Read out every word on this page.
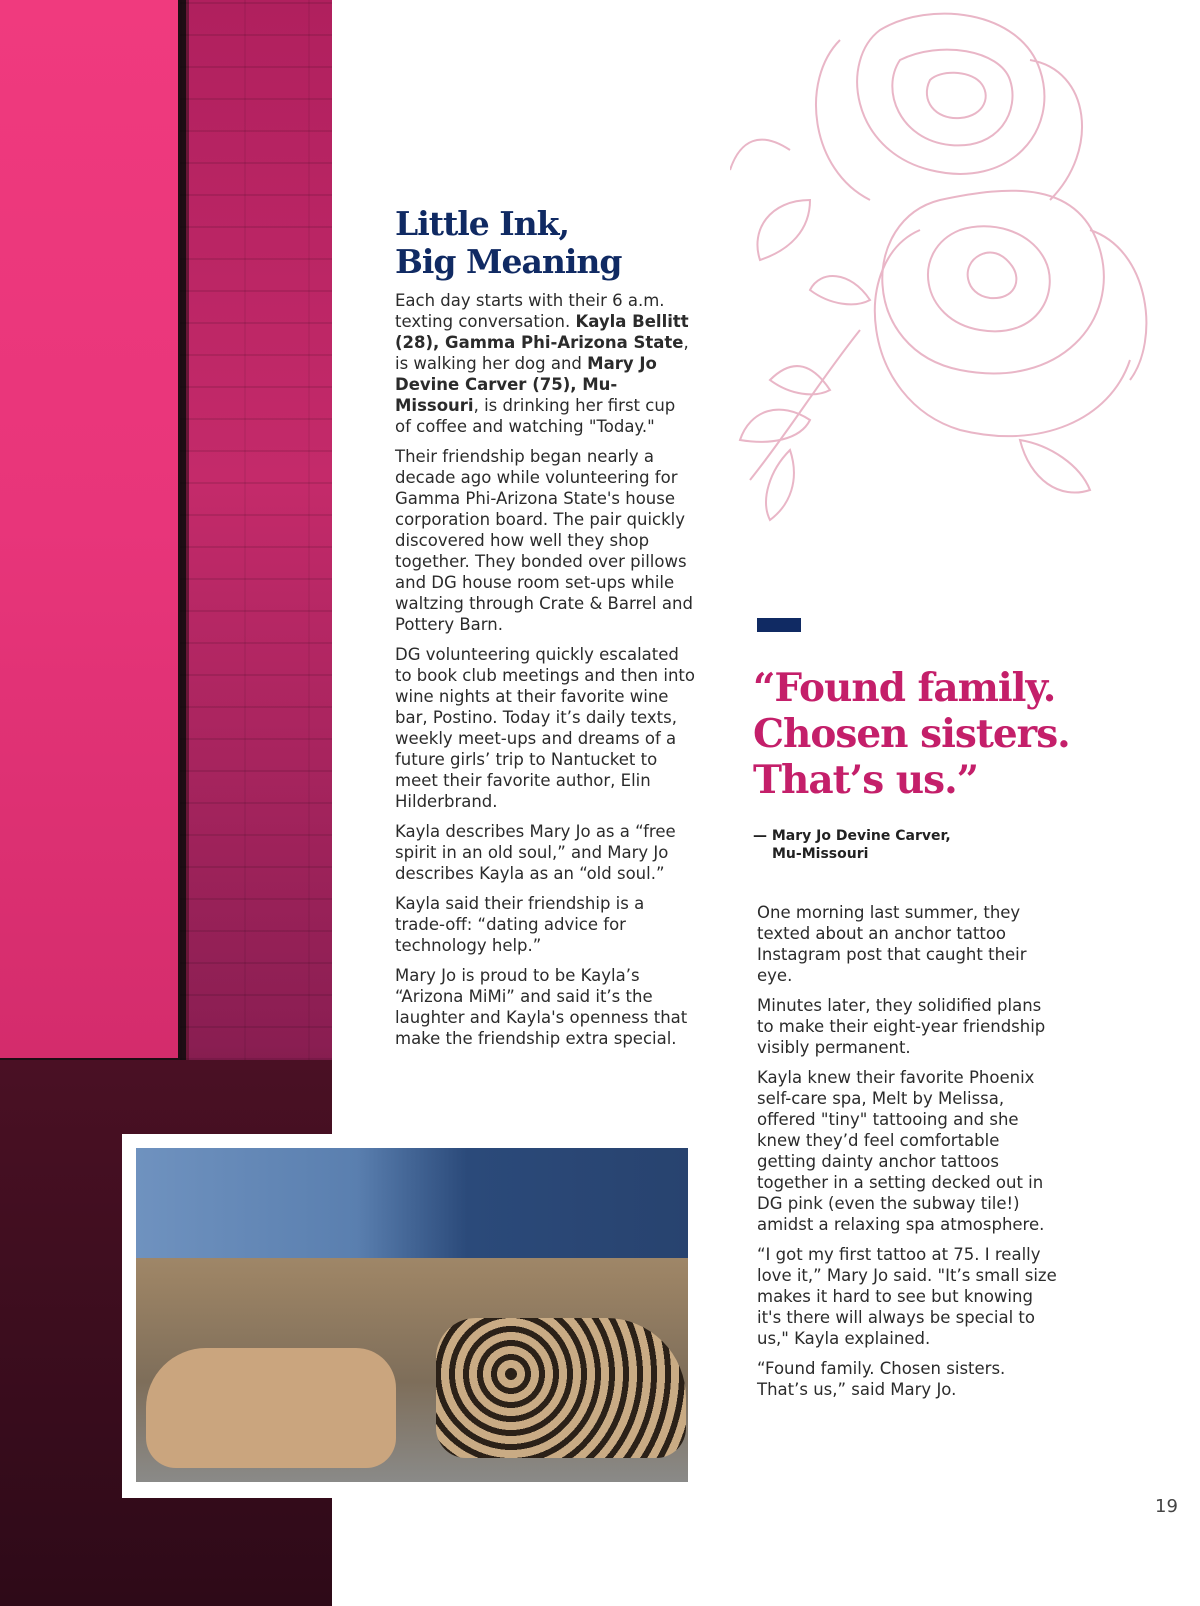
Little Ink,
Big Meaning

Each day starts with their 6 a.m. texting conversation. Kayla Bellitt (28), Gamma Phi-Arizona State, is walking her dog and Mary Jo Devine Carver (75), Mu-Missouri, is drinking her first cup of coffee and watching "Today."

Their friendship began nearly a decade ago while volunteering for Gamma Phi-Arizona State's house corporation board. The pair quickly discovered how well they shop together. They bonded over pillows and DG house room set-ups while waltzing through Crate & Barrel and Pottery Barn.

DG volunteering quickly escalated to book club meetings and then into wine nights at their favorite wine bar, Postino. Today it’s daily texts, weekly meet-ups and dreams of a future girls’ trip to Nantucket to meet their favorite author, Elin Hilderbrand.

Kayla describes Mary Jo as a “free spirit in an old soul,” and Mary Jo describes Kayla as an “old soul.”

Kayla said their friendship is a trade-off: “dating advice for technology help.”

Mary Jo is proud to be Kayla’s “Arizona MiMi” and said it’s the laughter and Kayla's openness that make the friendship extra special.

“Found family.
Chosen sisters.
That’s us.”
— Mary Jo Devine Carver,
Mu-Missouri

One morning last summer, they texted about an anchor tattoo Instagram post that caught their eye.

Minutes later, they solidified plans to make their eight-year friendship visibly permanent.

Kayla knew their favorite Phoenix self-care spa, Melt by Melissa, offered "tiny" tattooing and she knew they’d feel comfortable getting dainty anchor tattoos together in a setting decked out in DG pink (even the subway tile!) amidst a relaxing spa atmosphere.

“I got my first tattoo at 75. I really love it,” Mary Jo said. "It’s small size makes it hard to see but knowing it's there will always be special to us," Kayla explained.

“Found family. Chosen sisters. That’s us,” said Mary Jo.

19
